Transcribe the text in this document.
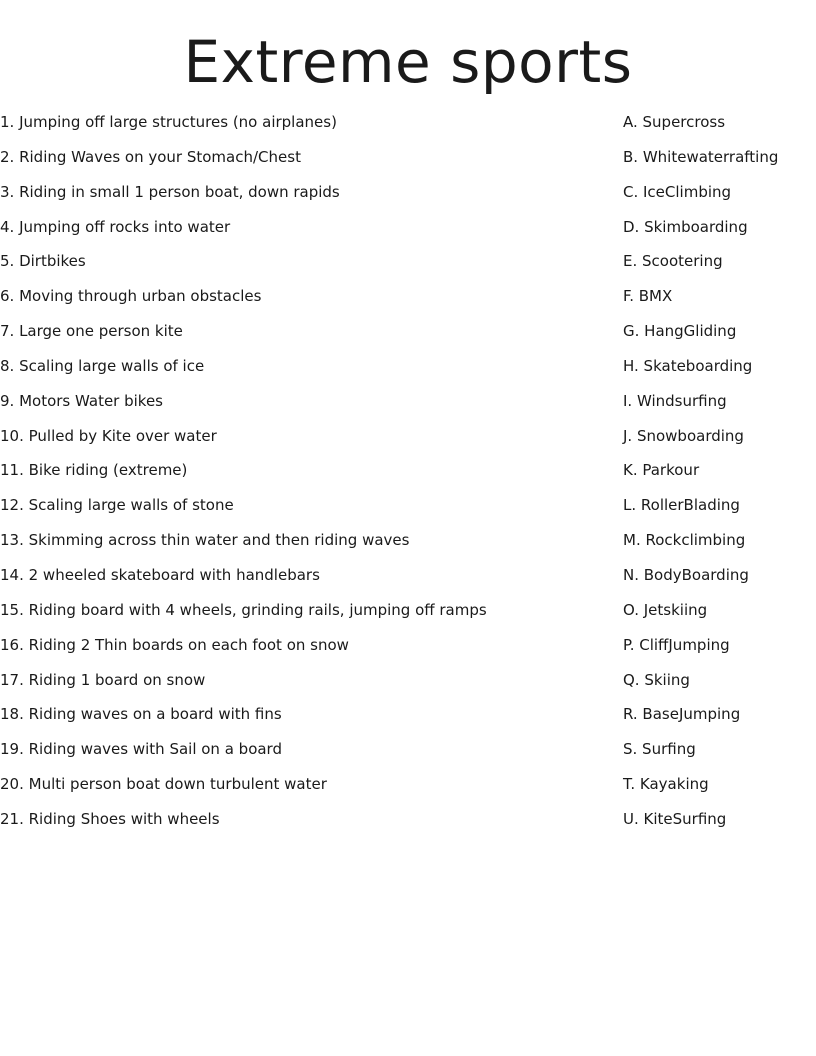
Extreme sports
1. Jumping off large structures (no airplanes)
2. Riding Waves on your Stomach/Chest
3. Riding in small 1 person boat, down rapids
4. Jumping off rocks into water
5. Dirtbikes
6. Moving through urban obstacles
7. Large one person kite
8. Scaling large walls of ice
9. Motors Water bikes
10. Pulled by Kite over water
11. Bike riding (extreme)
12. Scaling large walls of stone
13. Skimming across thin water and then riding waves
14. 2 wheeled skateboard with handlebars
15. Riding board with 4 wheels, grinding rails, jumping off ramps
16. Riding 2 Thin boards on each foot on snow
17. Riding 1 board on snow
18. Riding waves on a board with fins
19. Riding waves with Sail on a board
20. Multi person boat down turbulent water
21. Riding Shoes with wheels
A. Supercross
B. Whitewaterrafting
C. IceClimbing
D. Skimboarding
E. Scootering
F. BMX
G. HangGliding
H. Skateboarding
I. Windsurfing
J. Snowboarding
K. Parkour
L. RollerBlading
M. Rockclimbing
N. BodyBoarding
O. Jetskiing
P. CliffJumping
Q. Skiing
R. BaseJumping
S. Surfing
T. Kayaking
U. KiteSurfing
